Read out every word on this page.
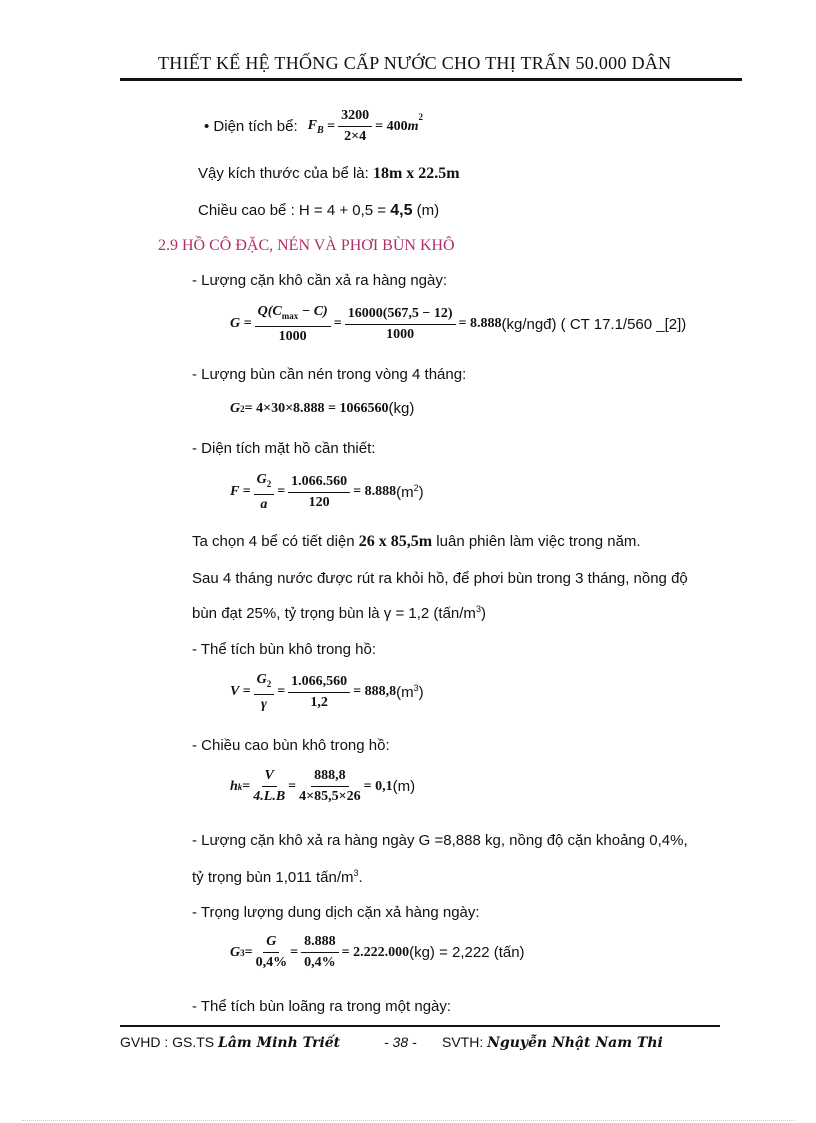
THIẾT KẾ HỆ THỐNG CẤP NƯỚC CHO THỊ TRẤN 50.000 DÂN
• Diện tích bể: $F_B = \frac{3200}{2\times 4} = 400$ m
$^2$
Vậy kích thước của bể là: 18m x 22.5m
Chiều cao bể : H = 4 + 0,5 = 4,5 (m)
2.9 HỒ CÔ ĐẶC, NÉN VÀ PHƠI BÙN KHÔ
- Lượng cặn khô cần xả ra hàng ngày:
G =
$Q(C_{max} - C)$
1000
= $\frac{16000(567,5 - 12)}{1000} = 8.888$ (kg/ngđ) ( CT 17.1/560 _[2])
- Lượng bùn cần nén trong vòng 4 tháng:
G 2 = 4×30×8.888 = 1066560 (kg)
- Diện tích mặt hồ cần thiết:
$F = \frac{G_2}{a} = \frac{1.066.560}{120} = 8.888$ $(m^2)$
Ta chọn 4 bể có tiết diện 26 x 85,5m luân phiên làm việc trong năm.
Sau 4 tháng nước được rút ra khỏi hồ, để phơi bùn trong 3 tháng, nồng độ
bùn đạt 25%, tỷ trọng bùn là γ = 1,2 $(tấn/m^3)$
- Thể tích bùn khô trong hồ:
$V = \frac{G_2}{\gamma} = \frac{1.066,560}{1,2} = 888,8$ $(m^3)$
- Chiều cao bùn khô trong hồ:
h $k = \frac{V}{4.L.B} = \frac{888,8}{4\times 85,5\times 26} = 0,1$ (m)
- Lượng cặn khô xả ra hàng ngày G =8,888 kg, nồng độ cặn khoảng 0,4%,
tỷ trọng bùn 1,011 tấn/$m^3$.
- Trọng lượng dung dịch cặn xả hàng ngày:
G $3 = \frac{G}{0,4\%} = \frac{8.888}{0,4\%} = 2.222.000$ (kg) = 2,222 (tấn)
- Thể tích bùn loãng ra trong một ngày:
GVHD : GS.TS Lâm Minh Triết	- 38 - SVTH: Nguyễn Nhật Nam Thi
